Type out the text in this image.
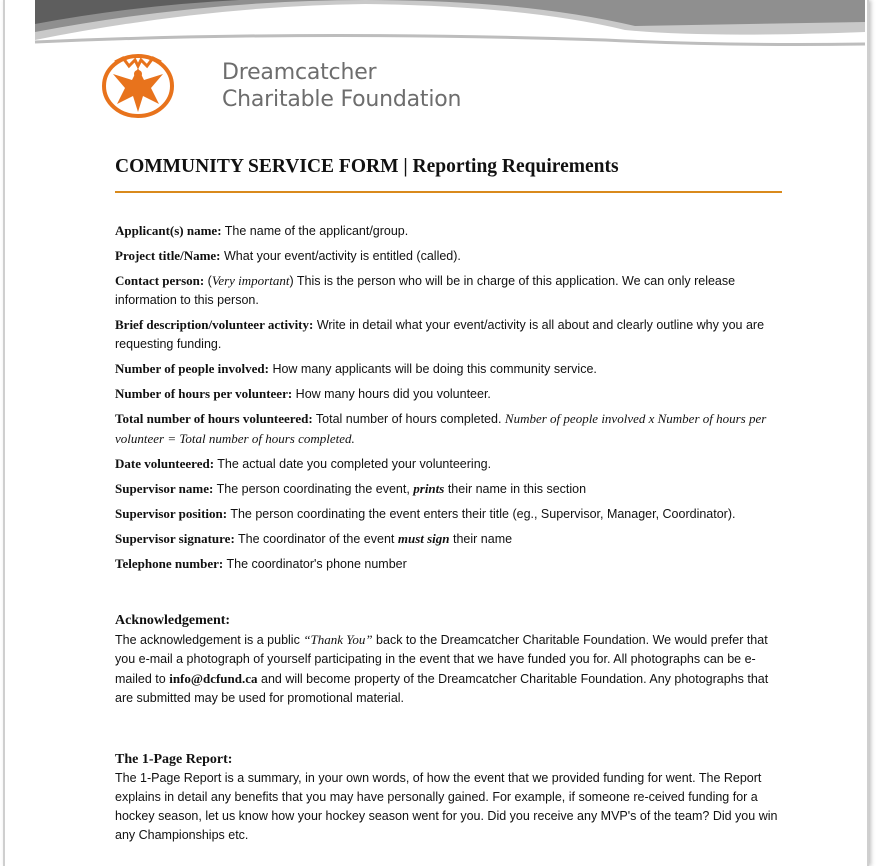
Dreamcatcher
Charitable Foundation
COMMUNITY SERVICE FORM | Reporting Requirements
Applicant(s) name: The name of the applicant/group.
Project title/Name: What your event/activity is entitled (called).
Contact person: (Very important) This is the person who will be in charge of this application. We can only release information to this person.
Brief description/volunteer activity: Write in detail what your event/activity is all about and clearly outline why you are requesting funding.
Number of people involved: How many applicants will be doing this community service.
Number of hours per volunteer: How many hours did you volunteer.
Total number of hours volunteered: Total number of hours completed. Number of people involved x Number of hours per volunteer = Total number of hours completed.
Date volunteered: The actual date you completed your volunteering.
Supervisor name: The person coordinating the event, prints their name in this section
Supervisor position: The person coordinating the event enters their title (eg., Supervisor, Manager, Coordinator).
Supervisor signature: The coordinator of the event must sign their name
Telephone number: The coordinator's phone number
Acknowledgement:

The acknowledgement is a public “Thank You” back to the Dreamcatcher Charitable Foundation. We would prefer that you e-mail a photograph of yourself participating in the event that we have funded you for. All photographs can be e-mailed to info@dcfund.ca and will become property of the Dreamcatcher Charitable Foundation. Any photographs that are submitted may be used for promotional material.

The 1-Page Report:

The 1-Page Report is a summary, in your own words, of how the event that we provided funding for went. The Report explains in detail any benefits that you may have personally gained. For example, if someone re-ceived funding for a hockey season, let us know how your hockey season went for you. Did you receive any MVP's of the team? Did you win any Championships etc.
